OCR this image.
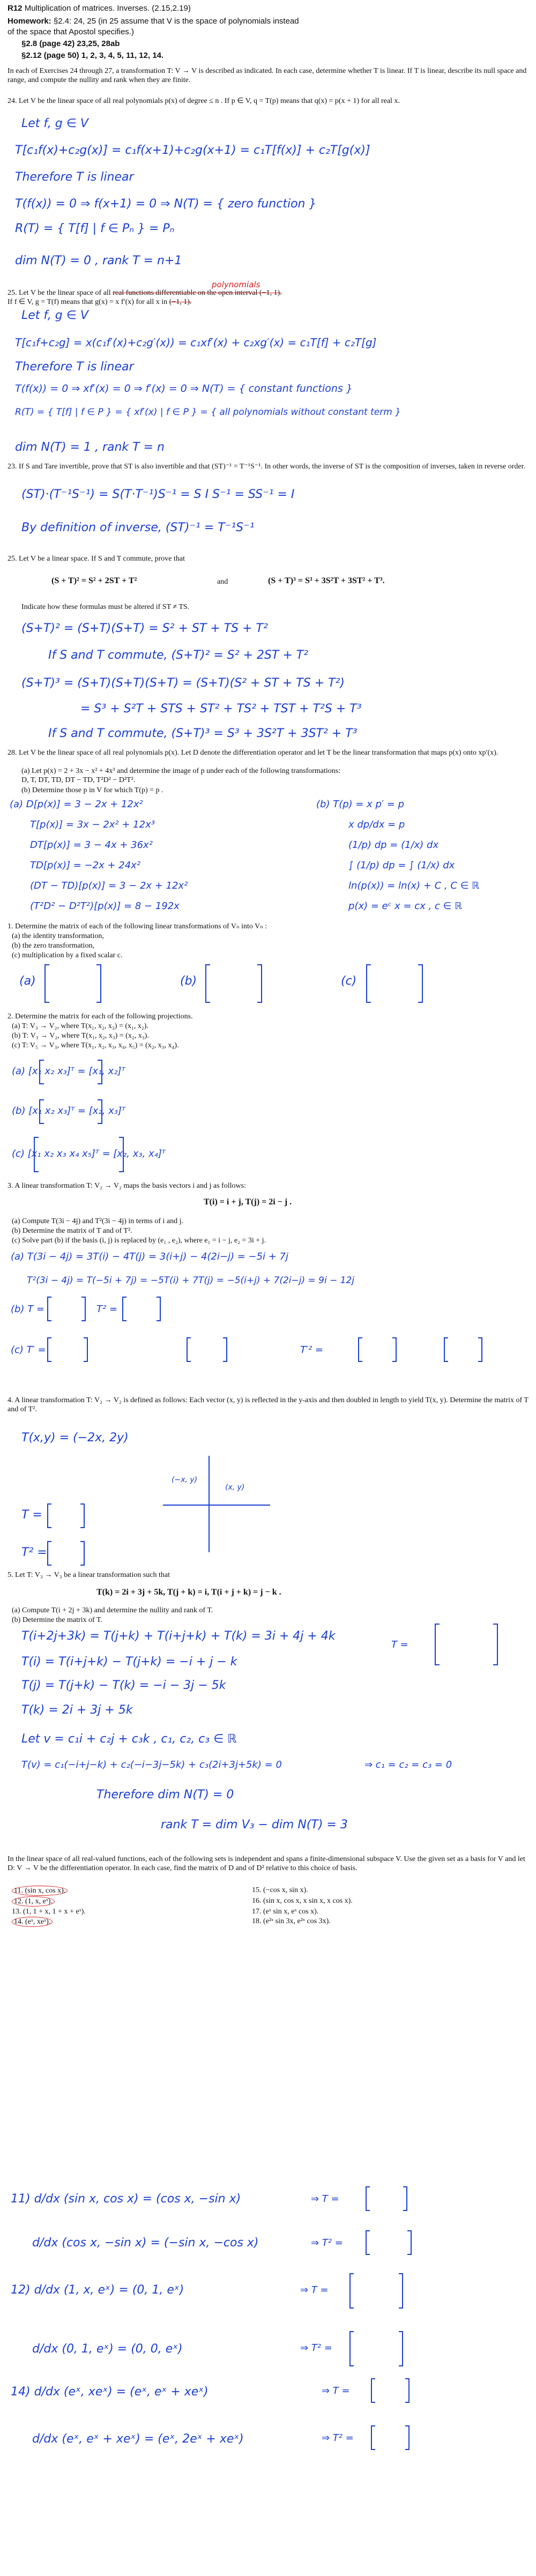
R12 Multiplication of matrices. Inverses. (2.15,2.19)
Homework: §2.4: 24, 25 (in 25 assume that V is the space of polynomials instead of the space that Apostol specifies.)
§2.8 (page 42) 23,25, 28ab
§2.12 (page 50) 1, 2, 3, 4, 5, 11, 12, 14.
In each of Exercises 24 through 27, a transformation T: V → V is described as indicated. In each case, determine whether T is linear. If T is linear, describe its null space and range, and compute the nullity and rank when they are finite.
24. Let V be the linear space of all real polynomials p(x) of degree ≤ n . If p ∈ V, q = T(p) means that q(x) = p(x + 1) for all real x.
Let f, g ∈ V
T[c₁f(x)+c₂g(x)] = c₁f(x+1)+c₂g(x+1) = c₁T[f(x)] + c₂T[g(x)]
Therefore T is linear
T(f(x)) = 0 ⇒ f(x+1) = 0 ⇒ N(T) = { zero function }
R(T) = { T[f] | f ∈ Pₙ } = Pₙ
dim N(T) = 0 , rank T = n+1
polynomials
25. Let V be the linear space of all real functions differentiable on the open interval (−1, 1).
If f ∈ V, g = T(f) means that g(x) = x f′(x) for all x in (−1, 1).
Let f, g ∈ V
T[c₁f+c₂g] = x(c₁f′(x)+c₂g′(x)) = c₁xf′(x) + c₂xg′(x) = c₁T[f] + c₂T[g]
Therefore T is linear
T(f(x)) = 0 ⇒ xf′(x) = 0 ⇒ f′(x) = 0 ⇒ N(T) = { constant functions }
R(T) = { T[f] | f ∈ P } = { xf′(x) | f ∈ P } = { all polynomials without constant term }
dim N(T) = 1 , rank T = n
23. If S and Tare invertible, prove that ST is also invertible and that (ST)⁻¹ = T⁻¹S⁻¹. In other words, the inverse of ST is the composition of inverses, taken in reverse order.
(ST)·(T⁻¹S⁻¹) = S(T·T⁻¹)S⁻¹ = S I S⁻¹ = SS⁻¹ = I
By definition of inverse, (ST)⁻¹ = T⁻¹S⁻¹
25. Let V be a linear space. If S and T commute, prove that
(S + T)² = S² + 2ST + T²	and	(S + T)³ = S³ + 3S²T + 3ST² + T³.
Indicate how these formulas must be altered if ST ≠ TS.
(S+T)² = (S+T)(S+T) = S² + ST + TS + T²
If S and T commute, (S+T)² = S² + 2ST + T²
(S+T)³ = (S+T)(S+T)(S+T) = (S+T)(S² + ST + TS + T²)
= S³ + S²T + STS + ST² + TS² + TST + T²S + T³
If S and T commute, (S+T)³ = S³ + 3S²T + 3ST² + T³
28. Let V be the linear space of all real polynomials p(x). Let D denote the differentiation operator and let T be the linear transformation that maps p(x) onto xp′(x).
(a) Let p(x) = 2 + 3x − x² + 4x³ and determine the image of p under each of the following transformations: D, T, DT, TD, DT − TD, T²D² − D²T².
(b) Determine those p in V for which T(p) = p .
(a) D[p(x)] = 3 − 2x + 12x²
T[p(x)] = 3x − 2x² + 12x³
DT[p(x)] = 3 − 4x + 36x²
TD[p(x)] = −2x + 24x²
(DT − TD)[p(x)] = 3 − 2x + 12x²
(T²D² − D²T²)[p(x)] = 8 − 192x
(b) T(p) = x p′ = p
x dp/dx = p
(1/p) dp = (1/x) dx
∫ (1/p) dp = ∫ (1/x) dx
ln(p(x)) = ln(x) + C , C ∈ ℝ
p(x) = eᶜ x = cx , c ∈ ℝ
1. Determine the matrix of each of the following linear transformations of Vₙ into Vₙ :
(a) the identity transformation,
(b) the zero transformation,
(c) multiplication by a fixed scalar c.
(a)	(b)	(c)
2. Determine the matrix for each of the following projections.
(a) T: V₃ → V₂, where T(x₁, x₂, x₃) = (x₁, x₂).
(b) T: V₃ → V₂, where T(x₁, x₂, x₃) = (x₂, x₃).
(c) T: V₅ → V₃, where T(x₁, x₂, x₃, x₄, x₅) = (x₂, x₃, x₄).
(a) [x₁ x₂ x₃]ᵀ = [x₁, x₂]ᵀ
(b) [x₁ x₂ x₃]ᵀ = [x₂, x₃]ᵀ
(c) [x₁ x₂ x₃ x₄ x₅]ᵀ = [x₂, x₃, x₄]ᵀ
3. A linear transformation T: V₂ → V₂ maps the basis vectors i and j as follows:
T(i) = i + j, T(j) = 2i − j .
(a) Compute T(3i − 4j) and T²(3i − 4j) in terms of i and j.
(b) Determine the matrix of T and of T².
(c) Solve part (b) if the basis (i, j) is replaced by (e₁ , e₂), where e₁ = i − j, e₂ = 3i + j.
(a) T(3i − 4j) = 3T(i) − 4T(j) = 3(i+j) − 4(2i−j) = −5i + 7j
T²(3i − 4j) = T(−5i + 7j) = −5T(i) + 7T(j) = −5(i+j) + 7(2i−j) = 9i − 12j
(b) T =	T² =
(c) T′ =	T′² =
4. A linear transformation T: V₂ → V₂ is defined as follows: Each vector (x, y) is reflected in the y-axis and then doubled in length to yield T(x, y). Determine the matrix of T and of T².
T(x,y) = (−2x, 2y)
T =
T² =
(−x, y)
(x, y)
5. Let T: V₃ → V₃ be a linear transformation such that
T(k) = 2i + 3j + 5k, T(j + k) = i, T(i + j + k) = j − k .
(a) Compute T(i + 2j + 3k) and determine the nullity and rank of T.
(b) Determine the matrix of T.
T(i+2j+3k) = T(j+k) + T(i+j+k) + T(k) = 3i + 4j + 4k
T(i) = T(i+j+k) − T(j+k) = −i + j − k
T(j) = T(j+k) − T(k) = −i − 3j − 5k
T(k) = 2i + 3j + 5k
T =
Let v = c₁i + c₂j + c₃k , c₁, c₂, c₃ ∈ ℝ
T(v) = c₁(−i+j−k) + c₂(−i−3j−5k) + c₃(2i+3j+5k) = 0	⇒ c₁ = c₂ = c₃ = 0
Therefore dim N(T) = 0
rank T = dim V₃ − dim N(T) = 3
In the linear space of all real-valued functions, each of the following sets is independent and spans a finite-dimensional subspace V. Use the given set as a basis for V and let D: V → V be the differentiation operator. In each case, find the matrix of D and of D² relative to this choice of basis.
11. (sin x, cos x).
12. (1, x, eˣ).
13. (1, 1 + x, 1 + x + eˣ).
14. (eˣ, xeˣ).
15. (−cos x, sin x).
16. (sin x, cos x, x sin x, x cos x).
17. (eˣ sin x, eˣ cos x).
18. (e²ˣ sin 3x, e²ˣ cos 3x).
11) d/dx (sin x, cos x) = (cos x, −sin x)
d/dx (cos x, −sin x) = (−sin x, −cos x)
12) d/dx (1, x, eˣ) = (0, 1, eˣ)
d/dx (0, 1, eˣ) = (0, 0, eˣ)
14) d/dx (eˣ, xeˣ) = (eˣ, eˣ + xeˣ)
d/dx (eˣ, eˣ + xeˣ) = (eˣ, 2eˣ + xeˣ)
⇒ T =
⇒ T² =
⇒ T =
⇒ T² =
⇒ T =
⇒ T² =
